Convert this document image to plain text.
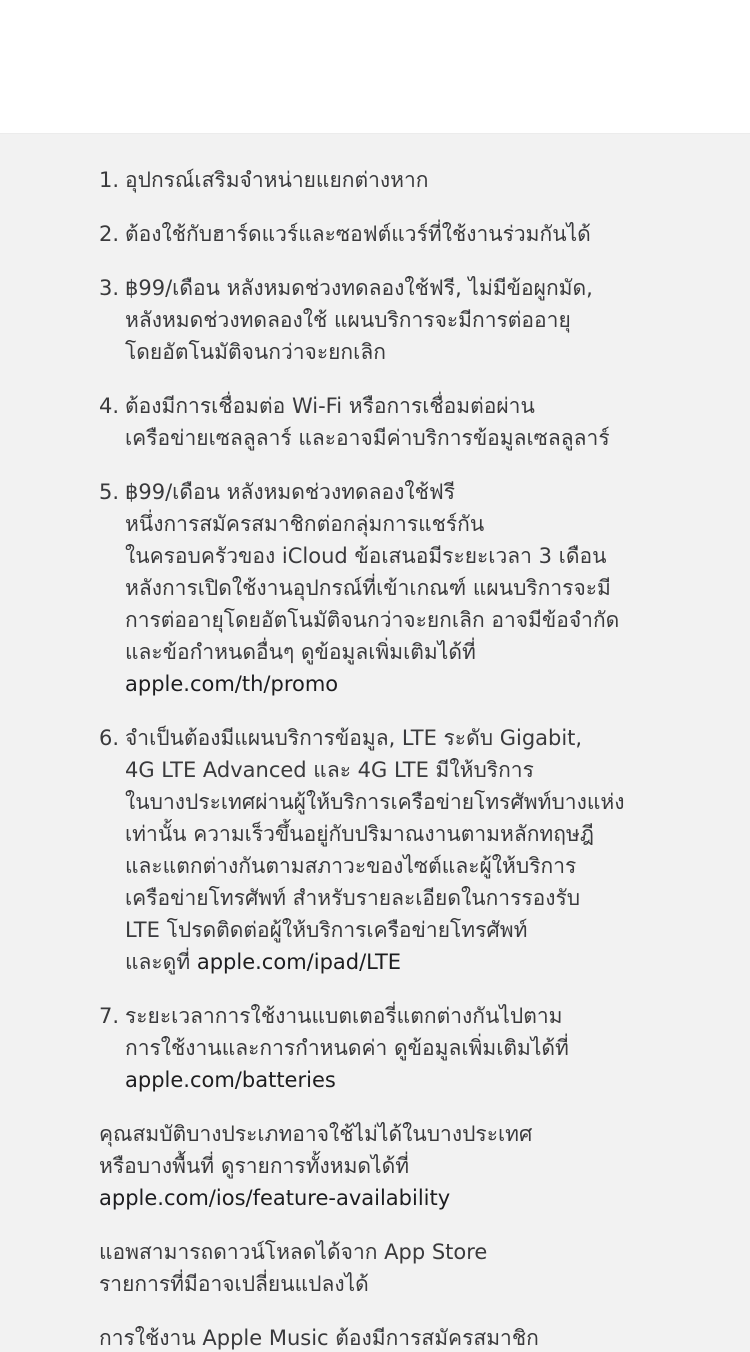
1. อุปกรณ์เสริมจำหน่ายแยกต่างหาก
2. ต้องใช้กับฮาร์ดแวร์และซอฟต์แวร์ที่ใช้งานร่วมกันได้
3. ฿99/เดือน หลังหมดช่วงทดลองใช้ฟรี, ไม่มีข้อผูกมัด,
หลังหมดช่วงทดลองใช้ แผนบริการจะมีการต่ออายุ
โดยอัตโนมัติจนกว่าจะยกเลิก
4. ต้องมีการเชื่อมต่อ Wi-Fi หรือการเชื่อมต่อผ่าน
เครือข่ายเซลลูลาร์ และอาจมีค่าบริการข้อมูลเซลลูลาร์
5. ฿99/เดือน หลังหมดช่วงทดลองใช้ฟรี
หนึ่งการสมัครสมาชิกต่อกลุ่มการแชร์กัน
ในครอบครัวของ iCloud ข้อเสนอมีระยะเวลา 3 เดือน
หลังการเปิดใช้งานอุปกรณ์ที่เข้าเกณฑ์ แผนบริการจะมี
การต่ออายุโดยอัตโนมัติจนกว่าจะยกเลิก อาจมีข้อจำกัด
และข้อกำหนดอื่นๆ ดูข้อมูลเพิ่มเติมได้ที่
apple.com/th/promo
6. จำเป็นต้องมีแผนบริการข้อมูล, LTE ระดับ Gigabit,
4G LTE Advanced และ 4G LTE มีให้บริการ
ในบางประเทศผ่านผู้ให้บริการเครือข่ายโทรศัพท์บางแห่ง
เท่านั้น ความเร็วขึ้นอยู่กับปริมาณงานตามหลักทฤษฎี
และแตกต่างกันตามสภาวะของไซต์และผู้ให้บริการ
เครือข่ายโทรศัพท์ สำหรับรายละเอียดในการรองรับ
LTE โปรดติดต่อผู้ให้บริการเครือข่ายโทรศัพท์
และดูที่ apple.com/ipad/LTE
7. ระยะเวลาการใช้งานแบตเตอรี่แตกต่างกันไปตาม
การใช้งานและการกำหนดค่า ดูข้อมูลเพิ่มเติมได้ที่
apple.com/batteries
คุณสมบัติบางประเภทอาจใช้ไม่ได้ในบางประเทศ
หรือบางพื้นที่ ดูรายการทั้งหมดได้ที่
apple.com/ios/feature-availability
แอพสามารถดาวน์โหลดได้จาก App Store
รายการที่มีอาจเปลี่ยนแปลงได้
การใช้งาน Apple Music ต้องมีการสมัครสมาชิก
